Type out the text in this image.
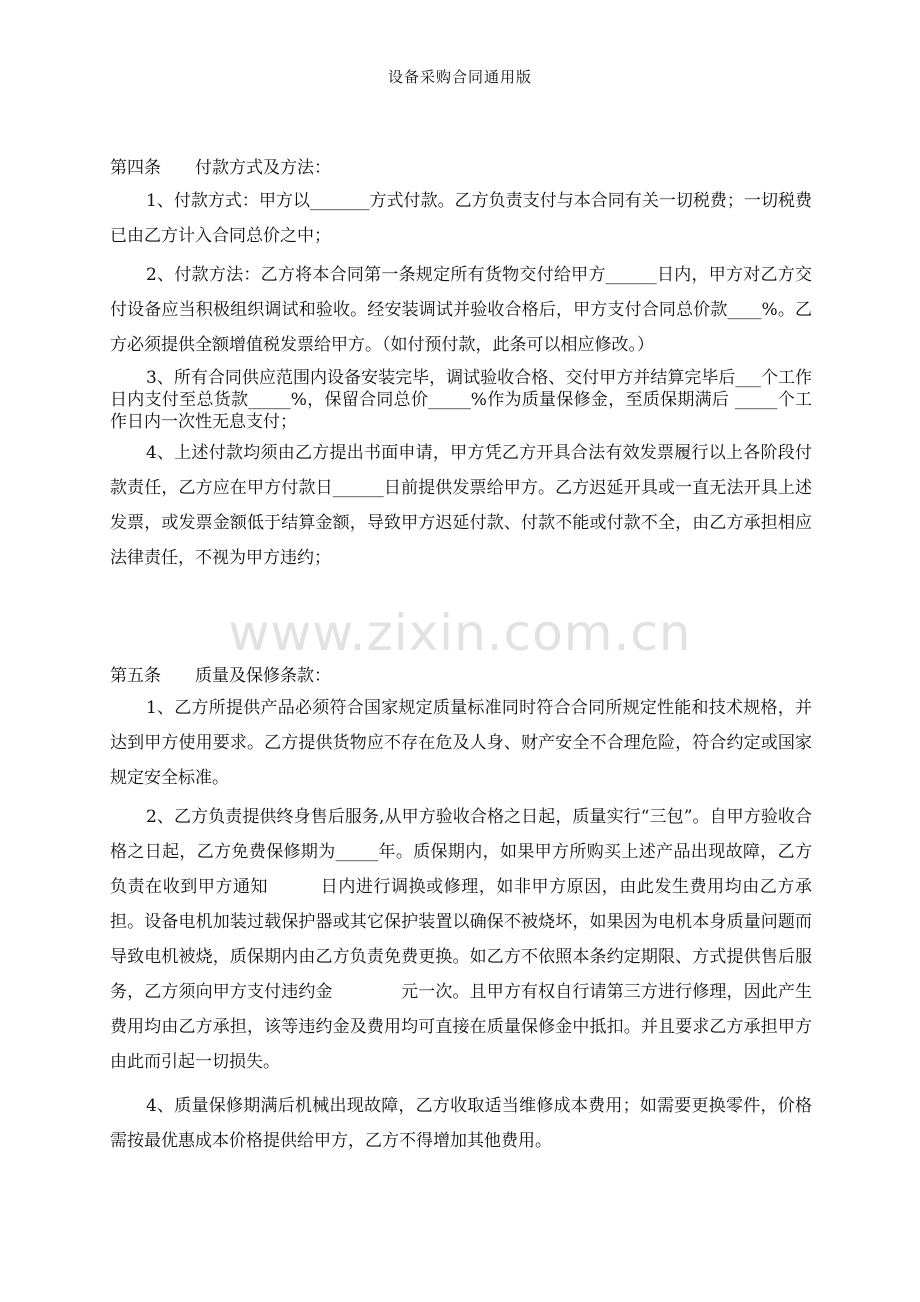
设备采购合同通用版
第四条　　付款方式及方法：
1、付款方式：甲方以_______方式付款。乙方负责支付与本合同有关一切税费；一切税费已由乙方计入合同总价之中；
2、付款方法：乙方将本合同第一条规定所有货物交付给甲方______日内，甲方对乙方交付设备应当积极组织调试和验收。经安装调试并验收合格后，甲方支付合同总价款____%。乙方必须提供全额增值税发票给甲方。（如付预付款，此条可以相应修改。）
3、所有合同供应范围内设备安装完毕，调试验收合格、交付甲方并结算完毕后___个工作日内支付至总货款_____%，保留合同总价_____%作为质量保修金，至质保期满后 _____个工作日内一次性无息支付；
4、上述付款均须由乙方提出书面申请，甲方凭乙方开具合法有效发票履行以上各阶段付款责任，乙方应在甲方付款日______日前提供发票给甲方。乙方迟延开具或一直无法开具上述发票，或发票金额低于结算金额，导致甲方迟延付款、付款不能或付款不全，由乙方承担相应法律责任，不视为甲方违约；
www.zixin.com.cn
第五条　　质量及保修条款：
1、乙方所提供产品必须符合国家规定质量标准同时符合合同所规定性能和技术规格，并达到甲方使用要求。乙方提供货物应不存在危及人身、财产安全不合理危险，符合约定或国家规定安全标准。
2、乙方负责提供终身售后服务,从甲方验收合格之日起，质量实行“三包”。自甲方验收合格之日起，乙方免费保修期为_____年。质保期内，如果甲方所购买上述产品出现故障，乙方负责在收到甲方通知　　　日内进行调换或修理，如非甲方原因，由此发生费用均由乙方承担。设备电机加装过载保护器或其它保护装置以确保不被烧坏，如果因为电机本身质量问题而导致电机被烧，质保期内由乙方负责免费更换。如乙方不依照本条约定期限、方式提供售后服务，乙方须向甲方支付违约金　　　　元一次。且甲方有权自行请第三方进行修理，因此产生费用均由乙方承担，该等违约金及费用均可直接在质量保修金中抵扣。并且要求乙方承担甲方由此而引起一切损失。
4、质量保修期满后机械出现故障，乙方收取适当维修成本费用；如需要更换零件，价格需按最优惠成本价格提供给甲方，乙方不得增加其他费用。
